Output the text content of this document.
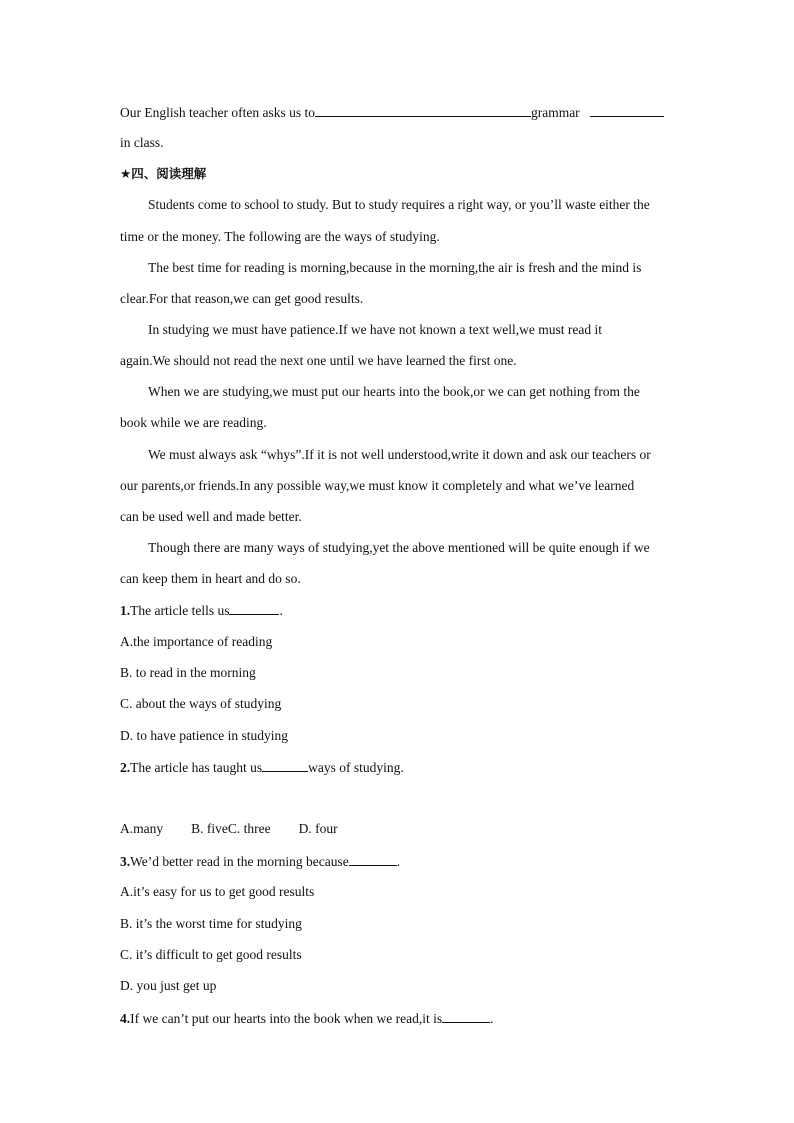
Our English teacher often asks us to	grammar
in class.
★四、阅读理解
Students come to school to study. But to study requires a right way, or you’ll waste either the
time or the money. The following are the ways of studying.
The best time for reading is morning,because in the morning,the air is fresh and the mind is
clear.For that reason,we can get good results.
In studying we must have patience.If we have not known a text well,we must read it
again.We should not read the next one until we have learned the first one.
When we are studying,we must put our hearts into the book,or we can get nothing from the
book while we are reading.
We must always ask “whys”.If it is not well understood,write it down and ask our teachers or
our parents,or friends.In any possible way,we must know it completely and what we’ve learned
can be used well and made better.
Though there are many ways of studying,yet the above mentioned will be quite enough if we
can keep them in heart and do so.
1.The article tells us	.
A.the importance of reading
B. to read in the morning
C. about the ways of studying
D. to have patience in studying
2.The article has taught us	ways of studying.
A.many B. fiveC. three D. four
3.We’d better read in the morning because	.
A.it’s easy for us to get good results
B. it’s the worst time for studying
C. it’s difficult to get good results
D. you just get up
4.If we can’t put our hearts into the book when we read,it is	.
